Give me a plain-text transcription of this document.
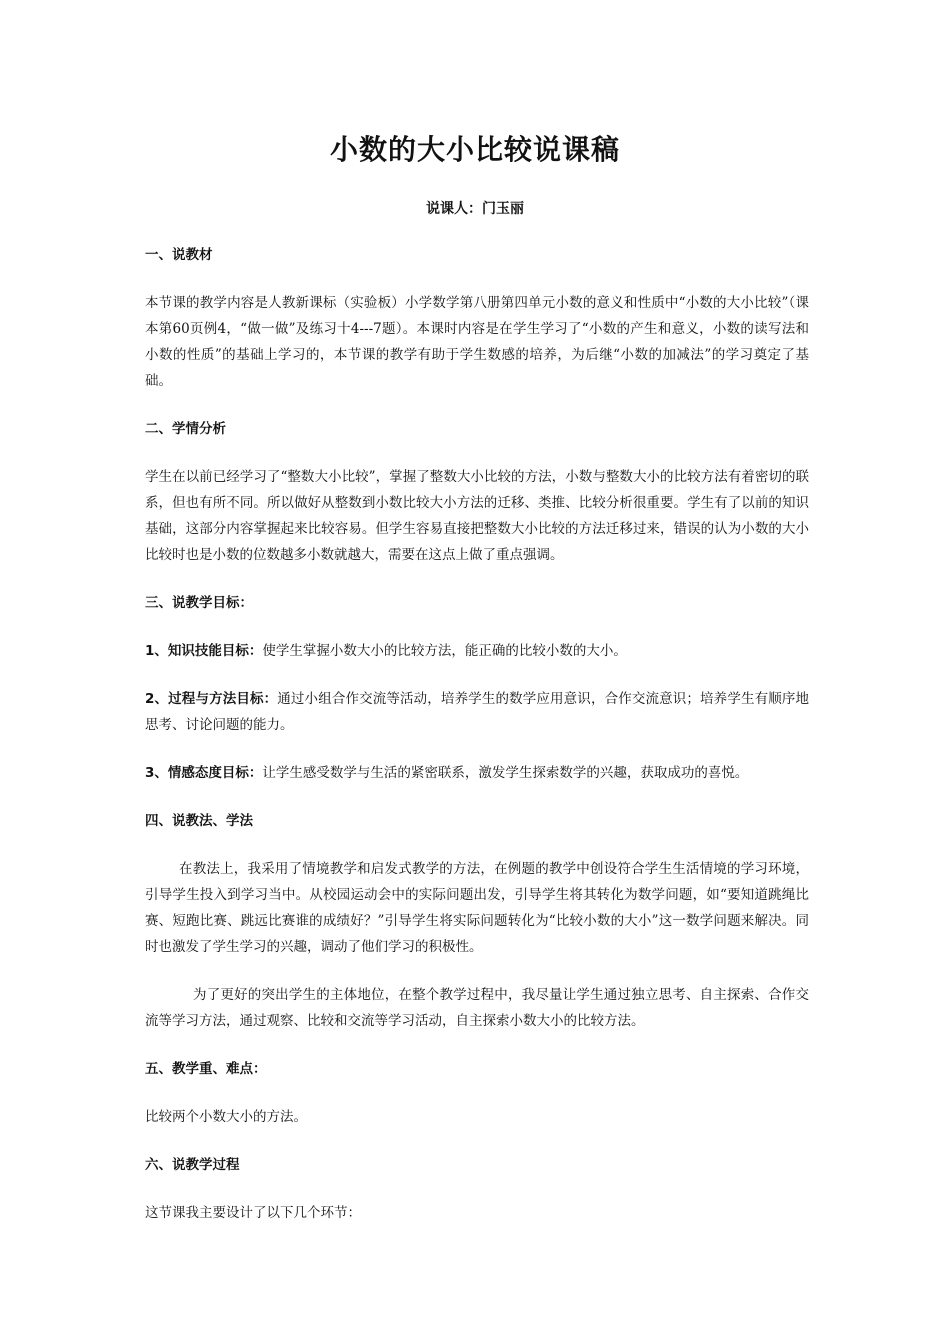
小数的大小比较说课稿
说课人：门玉丽
一、说教材

本节课的教学内容是人教新课标（实验板）小学数学第八册第四单元小数的意义和性质中“小数的大小比较”（课本第60页例4，“做一做”及练习十4---7题）。本课时内容是在学生学习了“小数的产生和意义，小数的读写法和小数的性质”的基础上学习的，本节课的教学有助于学生数感的培养，为后继“小数的加减法”的学习奠定了基础。

二、学情分析

学生在以前已经学习了“整数大小比较”，掌握了整数大小比较的方法，小数与整数大小的比较方法有着密切的联系，但也有所不同。所以做好从整数到小数比较大小方法的迁移、类推、比较分析很重要。学生有了以前的知识基础，这部分内容掌握起来比较容易。但学生容易直接把整数大小比较的方法迁移过来，错误的认为小数的大小比较时也是小数的位数越多小数就越大，需要在这点上做了重点强调。

三、说教学目标：

1、知识技能目标：使学生掌握小数大小的比较方法，能正确的比较小数的大小。

2、过程与方法目标：通过小组合作交流等活动，培养学生的数学应用意识，合作交流意识；培养学生有顺序地思考、讨论问题的能力。

3、情感态度目标：让学生感受数学与生活的紧密联系，激发学生探索数学的兴趣，获取成功的喜悦。

四、说教法、学法

在教法上，我采用了情境教学和启发式教学的方法，在例题的教学中创设符合学生生活情境的学习环境，引导学生投入到学习当中。从校园运动会中的实际问题出发，引导学生将其转化为数学问题，如“要知道跳绳比赛、短跑比赛、跳远比赛谁的成绩好？”引导学生将实际问题转化为“比较小数的大小”这一数学问题来解决。同时也激发了学生学习的兴趣，调动了他们学习的积极性。

为了更好的突出学生的主体地位，在整个教学过程中，我尽量让学生通过独立思考、自主探索、合作交流等学习方法，通过观察、比较和交流等学习活动，自主探索小数大小的比较方法。

五、教学重、难点：

比较两个小数大小的方法。

六、说教学过程

这节课我主要设计了以下几个环节：
